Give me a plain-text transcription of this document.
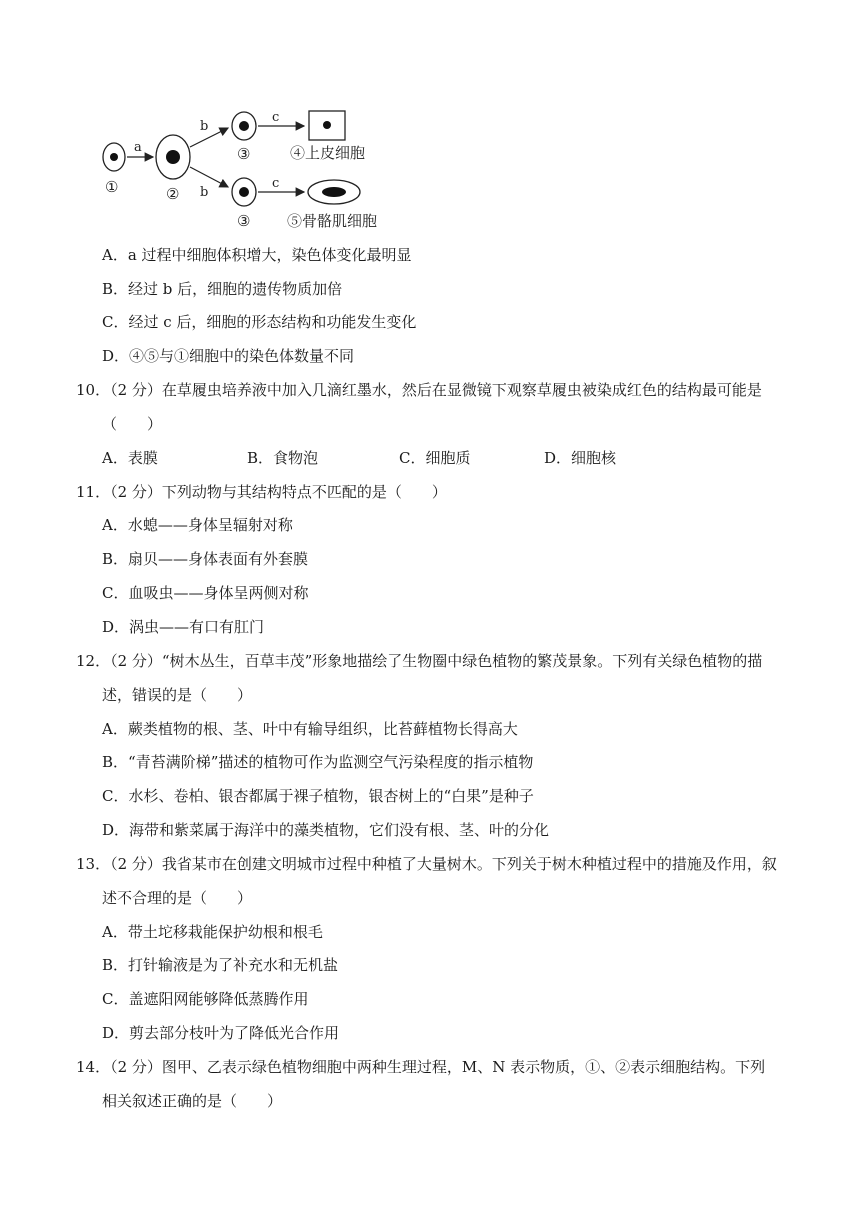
①
a
②
b
b
③
③
c
c
④上皮细胞
⑤骨骼肌细胞
A．a 过程中细胞体积增大，染色体变化最明显
B．经过 b 后，细胞的遗传物质加倍
C．经过 c 后，细胞的形态结构和功能发生变化
D．④⑤与①细胞中的染色体数量不同
10．（2 分）在草履虫培养液中加入几滴红墨水，然后在显微镜下观察草履虫被染成红色的结构最可能是
（　　）
A．表膜	B．食物泡	C．细胞质	D．细胞核
11．（2 分）下列动物与其结构特点不匹配的是（　　）
A．水螅——身体呈辐射对称
B．扇贝——身体表面有外套膜
C．血吸虫——身体呈两侧对称
D．涡虫——有口有肛门
12．（2 分）“树木丛生，百草丰茂”形象地描绘了生物圈中绿色植物的繁茂景象。下列有关绿色植物的描
述，错误的是（　　）
A．蕨类植物的根、茎、叶中有输导组织，比苔藓植物长得高大
B．“青苔满阶梯”描述的植物可作为监测空气污染程度的指示植物
C．水杉、卷柏、银杏都属于裸子植物，银杏树上的“白果”是种子
D．海带和紫菜属于海洋中的藻类植物，它们没有根、茎、叶的分化
13．（2 分）我省某市在创建文明城市过程中种植了大量树木。下列关于树木种植过程中的措施及作用，叙
述不合理的是（　　）
A．带土坨移栽能保护幼根和根毛
B．打针输液是为了补充水和无机盐
C．盖遮阳网能够降低蒸腾作用
D．剪去部分枝叶为了降低光合作用
14．（2 分）图甲、乙表示绿色植物细胞中两种生理过程，M、N 表示物质，①、②表示细胞结构。下列
相关叙述正确的是（　　）
